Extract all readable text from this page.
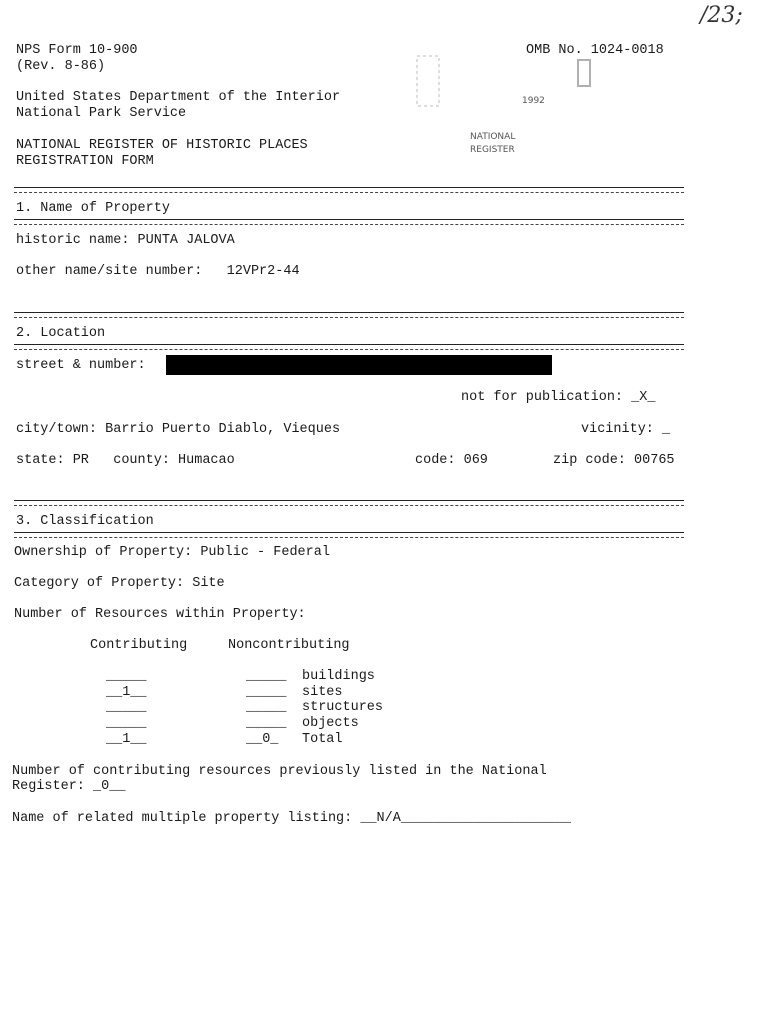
/23;
NPS Form 10-900
(Rev. 8-86)
OMB No. 1024-0018
United States Department of the Interior
National Park Service
NATIONAL REGISTER OF HISTORIC PLACES
REGISTRATION FORM
1992
NATIONAL
REGISTER
1. Name of Property
historic name: PUNTA JALOVA
other name/site number:   12VPr2-44
2. Location
street & number:
not for publication: _X_
city/town: Barrio Puerto Diablo, Vieques	vicinity: _
state: PR   county: Humacao	code: 069	zip code: 00765
3. Classification
Ownership of Property: Public - Federal
Category of Property: Site
Number of Resources within Property:
Contributing	Noncontributing
_____	_____ buildings
__1__	_____ sites
_____	_____ structures
_____	_____ objects
__1__	__0_ Total
Number of contributing resources previously listed in the National
Register: _0__
Name of related multiple property listing: __N/A_____________________
